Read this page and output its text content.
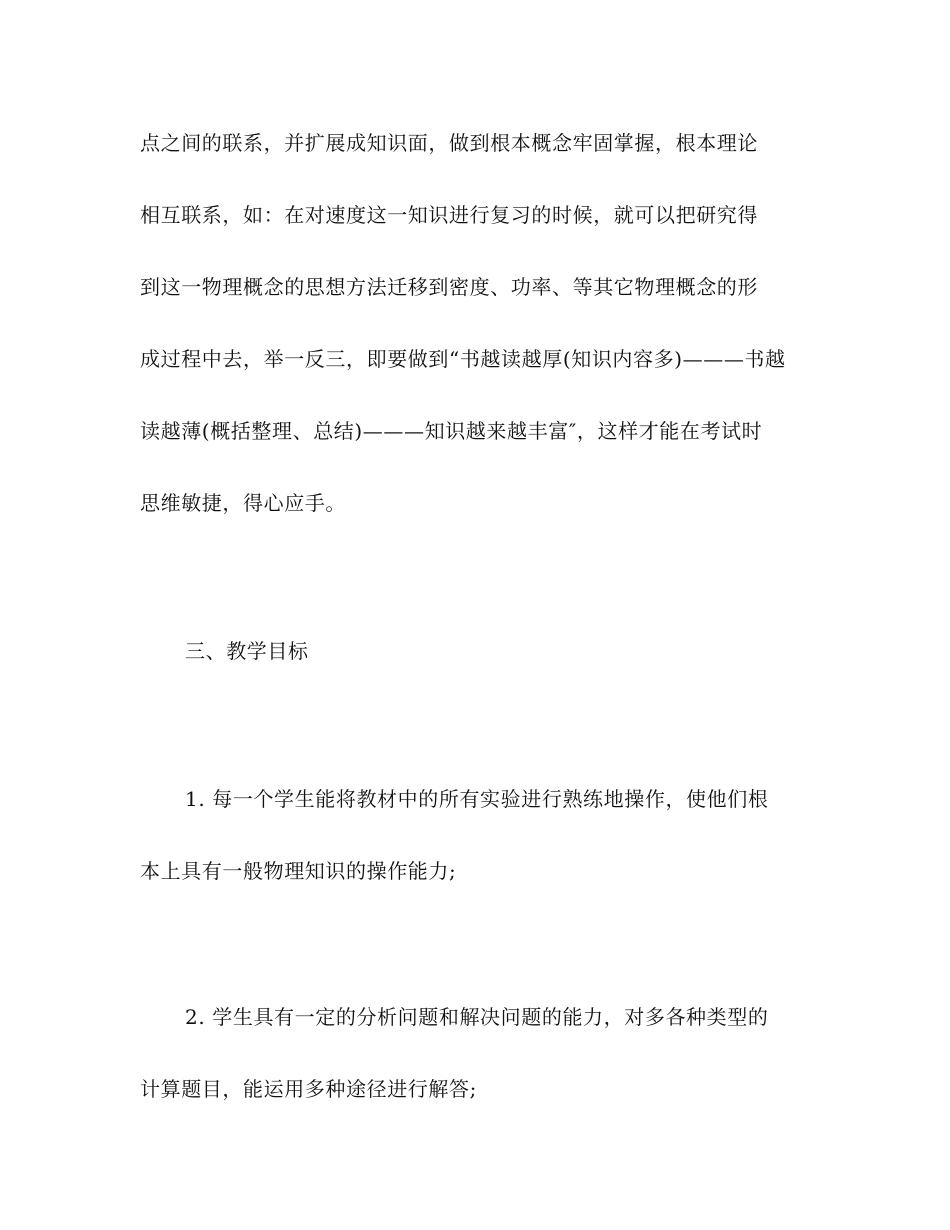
点之间的联系，并扩展成知识面，做到根本概念牢固掌握，根本理论
相互联系，如：在对速度这一知识进行复习的时候，就可以把研究得
到这一物理概念的思想方法迁移到密度、功率、等其它物理概念的形
成过程中去，举一反三，即要做到“书越读越厚(知识内容多)———书越
读越薄(概括整理、总结)———知识越来越丰富″，这样才能在考试时
思维敏捷，得心应手。
三、教学目标
1. 每一个学生能将教材中的所有实验进行熟练地操作，使他们根
本上具有一般物理知识的操作能力;
2. 学生具有一定的分析问题和解决问题的能力，对多各种类型的
计算题目，能运用多种途径进行解答;
